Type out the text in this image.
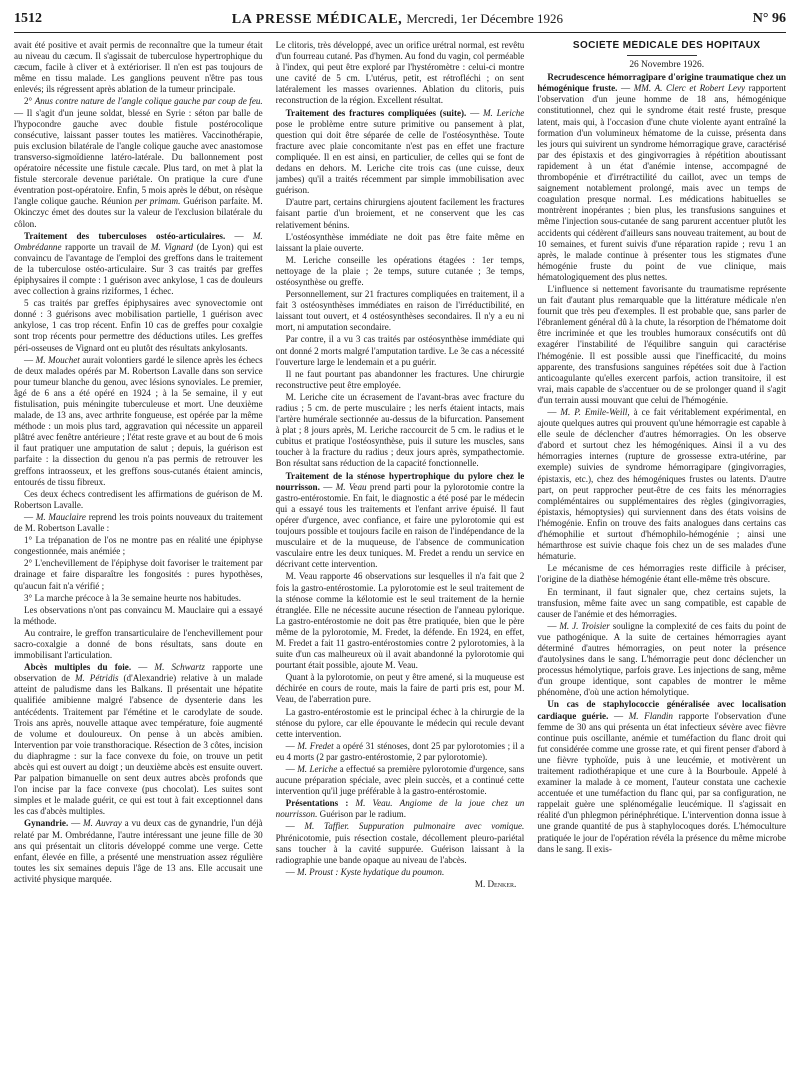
1512	LA PRESSE MÉDICALE, Mercredi, 1er Décembre 1926	N° 96

avait été positive et avait permis de reconnaître que la tumeur était au niveau du cæcum. Il s'agissait de tuberculose hypertrophique du cæcum, facile à cliver et à extérioriser. Il n'en est pas toujours de même en tissu malade. Les ganglions peuvent n'être pas tous enlevés; ils régressent après ablation de la tumeur principale.

2° Anus contre nature de l'angle colique gauche par coup de feu. — Il s'agit d'un jeune soldat, blessé en Syrie : séton par balle de l'hypocondre gauche avec double fistule postérocolique consécutive, laissant passer toutes les matières. Vaccinothérapie, puis exclusion bilatérale de l'angle colique gauche avec anastomose transverso-sigmoïdienne latéro-latérale. Du ballonnement post opératoire nécessite une fistule cæcale. Plus tard, on met à plat la fistule stercorale devenue pariétale. On pratique la cure d'une éventration post-opératoire. Enfin, 5 mois après le début, on résèque l'angle colique gauche. Réunion per primam. Guérison parfaite. M. Okinczyc émet des doutes sur la valeur de l'exclusion bilatérale du côlon.

Traitement des tuberculoses ostéo-articulaires. — M. Ombrédanne rapporte un travail de M. Vignard (de Lyon) qui est convaincu de l'avantage de l'emploi des greffons dans le traitement de la tuberculose ostéo-articulaire. Sur 3 cas traités par greffes épiphysaires il compte : 1 guérison avec ankylose, 1 cas de douleurs avec collection à grains riziformes, 1 échec.

5 cas traités par greffes épiphysaires avec synovectomie ont donné : 3 guérisons avec mobilisation partielle, 1 guérison avec ankylose, 1 cas trop récent. Enfin 10 cas de greffes pour coxalgie sont trop récents pour permettre des déductions utiles. Les greffes péri-osseuses de Vignard ont eu plutôt des résultats ankylosants.

— M. Mouchet aurait volontiers gardé le silence après les échecs de deux malades opérés par M. Robertson Lavalle dans son service pour tumeur blanche du genou, avec lésions synoviales. Le premier, âgé de 6 ans a été opéré en 1924 ; à la 5e semaine, il y eut fistulisation, puis méningite tuberculeuse et mort. Une deuxième malade, de 13 ans, avec arthrite fongueuse, est opérée par la même méthode : un mois plus tard, aggravation qui nécessite un appareil plâtré avec fenêtre antérieure ; l'état reste grave et au bout de 6 mois il faut pratiquer une amputation de salut ; depuis, la guérison est parfaite : la dissection du genou n'a pas permis de retrouver les greffons intraosseux, et les greffons sous-cutanés étaient amincis, entourés de tissu fibreux.

Ces deux échecs contredisent les affirmations de guérison de M. Robertson Lavalle.

— M. Mauclaire reprend les trois points nouveaux du traitement de M. Robertson Lavalle :

1° La trépanation de l'os ne montre pas en réalité une épiphyse congestionnée, mais anémiée ;

2° L'enchevillement de l'épiphyse doit favoriser le traitement par drainage et faire disparaître les fongosités : pures hypothèses, qu'aucun fait n'a vérifié ;

3° La marche précoce à la 3e semaine heurte nos habitudes.

Les observations n'ont pas convaincu M. Mauclaire qui a essayé la méthode.

Au contraire, le greffon transarticulaire de l'enchevillement pour sacro-coxalgie a donné de bons résultats, sans doute en immobilisant l'articulation.

Abcès multiples du foie. — M. Schwartz rapporte une observation de M. Pétridis (d'Alexandrie) relative à un malade atteint de paludisme dans les Balkans. Il présentait une hépatite qualifiée amibienne malgré l'absence de dysenterie dans les antécédents. Traitement par l'émétine et le carodylate de soude. Trois ans après, nouvelle attaque avec température, foie augmenté de volume et douloureux. On pense à un abcès amibien. Intervention par voie transthoracique. Résection de 3 côtes, incision du diaphragme : sur la face convexe du foie, on trouve un petit abcès qui est ouvert au doigt ; un deuxième abcès est ensuite ouvert. Par palpation bimanuelle on sent deux autres abcès profonds que l'on incise par la face convexe (pus chocolat). Les suites sont simples et le malade guérit, ce qui est tout à fait exceptionnel dans les cas d'abcès multiples.

Gynandrie. — M. Auvray a vu deux cas de gynandrie, l'un déjà relaté par M. Ombrédanne, l'autre intéressant une jeune fille de 30 ans qui présentait un clitoris développé comme une verge. Cette enfant, élevée en fille, a présenté une menstruation assez régulière toutes les six semaines depuis l'âge de 13 ans. Elle accusait une activité physique marquée.

Le clitoris, très développé, avec un orifice urétral normal, est revêtu d'un fourreau cutané. Pas d'hymen. Au fond du vagin, col perméable à l'index, qui peut être exploré par l'hystéromètre : celui-ci montre une cavité de 5 cm. L'utérus, petit, est rétrofléchi ; on sent latéralement les masses ovariennes. Ablation du clitoris, puis reconstruction de la région. Excellent résultat.

Traitement des fractures compliquées (suite). — M. Leriche pose le problème entre suture primitive ou pansement à plat, question qui doit être séparée de celle de l'ostéosynthèse. Toute fracture avec plaie concomitante n'est pas en effet une fracture compliquée. Il en est ainsi, en particulier, de celles qui se font de dedans en dehors. M. Leriche cite trois cas (une cuisse, deux jambes) qu'il a traités récemment par simple immobilisation avec guérison.

D'autre part, certains chirurgiens ajoutent facilement les fractures faisant partie d'un broiement, et ne conservent que les cas relativement bénins.

L'ostéosynthèse immédiate ne doit pas être faite même en laissant la plaie ouverte.

M. Leriche conseille les opérations étagées : 1er temps, nettoyage de la plaie ; 2e temps, suture cutanée ; 3e temps, ostéosynthèse ou greffe.

Personnellement, sur 21 fractures compliquées en traitement, il a fait 3 ostéosynthèses immédiates en raison de l'irréductibilité, en laissant tout ouvert, et 4 ostéosynthèses secondaires. Il n'y a eu ni mort, ni amputation secondaire.

Par contre, il a vu 3 cas traités par ostéosynthèse immédiate qui ont donné 2 morts malgré l'amputation tardive. Le 3e cas a nécessité l'ouverture large le lendemain et a pu guérir.

Il ne faut pourtant pas abandonner les fractures. Une chirurgie reconstructive peut être employée.

M. Leriche cite un écrasement de l'avant-bras avec fracture du radius ; 5 cm. de perte musculaire ; les nerfs étaient intacts, mais l'artère humérale sectionnée au-dessus de la bifurcation. Pansement à plat ; 8 jours après, M. Leriche raccourcit de 5 cm. le radius et le cubitus et pratique l'ostéosynthèse, puis il suture les muscles, sans toucher à la fracture du radius ; deux jours après, sympathectomie. Bon résultat sans réduction de la capacité fonctionnelle.

Traitement de la sténose hypertrophique du pylore chez le nourrisson. — M. Veau prend parti pour la pylorotomie contre la gastro-entérostomie. En fait, le diagnostic a été posé par le médecin qui a essayé tous les traitements et l'enfant arrive épuisé. Il faut opérer d'urgence, avec confiance, et faire une pylorotomie qui est toujours possible et toujours facile en raison de l'indépendance de la musculaire et de la muqueuse, de l'absence de communication vasculaire entre les deux tuniques. M. Fredet a rendu un service en décrivant cette intervention.

M. Veau rapporte 46 observations sur lesquelles il n'a fait que 2 fois la gastro-entérostomie. La pylorotomie est le seul traitement de la sténose comme la kélotomie est le seul traitement de la hernie étranglée. Elle ne nécessite aucune résection de l'anneau pylorique. La gastro-entérostomie ne doit pas être pratiquée, bien que le père même de la pylorotomie, M. Fredet, la défende. En 1924, en effet, M. Fredet a fait 11 gastro-entérostomies contre 2 pylorotomies, à la suite d'un cas malheureux où il avait abandonné la pylorotomie qui pourtant était possible, ajoute M. Veau.

Quant à la pylorotomie, on peut y être amené, si la muqueuse est déchirée en cours de route, mais la faire de parti pris est, pour M. Veau, de l'aberration pure.

La gastro-entérostomie est le principal échec à la chirurgie de la sténose du pylore, car elle épouvante le médecin qui recule devant cette intervention.

— M. Fredet a opéré 31 sténoses, dont 25 par pylorotomies ; il a eu 4 morts (2 par gastro-entérostomie, 2 par pylorotomie).

— M. Leriche a effectué sa première pylorotomie d'urgence, sans aucune préparation spéciale, avec plein succès, et a continué cette intervention qu'il juge préférable à la gastro-entérostomie.

Présentations : M. Veau. Angiome de la joue chez un nourrisson. Guérison par le radium.

— M. Taffier. Suppuration pulmonaire avec vomique. Phrénicotomie, puis résection costale, décollement pleuro-pariétal sans toucher à la cavité suppurée. Guérison laissant à la radiographie une bande opaque au niveau de l'abcès.

— M. Proust : Kyste hydatique du poumon.

M. Denker.

SOCIÉTÉ MÉDICALE DES HOPITAUX

26 Novembre 1926.

Recrudescence hémorragipare d'origine traumatique chez un hémogénique fruste. — MM. A. Clerc et Robert Levy rapportent l'observation d'un jeune homme de 18 ans, hémogénique constitutionnel, chez qui le syndrome était resté fruste, presque latent, mais qui, à l'occasion d'une chute violente ayant entraîné la formation d'un volumineux hématome de la cuisse, présenta dans les jours qui suivirent un syndrome hémorragique grave, caractérisé par des épistaxis et des gingivorragies à répétition aboutissant rapidement à un état d'anémie intense, accompagné de thrombopénie et d'irrétractilité du caillot, avec un temps de saignement notablement prolongé, mais avec un temps de coagulation presque normal. Les médications habituelles se montrèrent inopérantes ; bien plus, les transfusions sanguines et même l'injection sous-cutanée de sang parurent accentuer plutôt les accidents qui cédèrent d'ailleurs sans nouveau traitement, au bout de 10 semaines, et furent suivis d'une réparation rapide ; revu 1 an après, le malade continue à présenter tous les stigmates d'une hémogénie fruste du point de vue clinique, mais hématologiquement des plus nettes.

L'influence si nettement favorisante du traumatisme représente un fait d'autant plus remarquable que la littérature médicale n'en fournit que très peu d'exemples. Il est probable que, sans parler de l'ébranlement général dû à la chute, la résorption de l'hématome doit être incriminée et que les troubles humoraux consécutifs ont dû exagérer l'instabilité de l'équilibre sanguin qui caractérise l'hémogénie. Il est possible aussi que l'inefficacité, du moins apparente, des transfusions sanguines répétées soit due à l'action anticoagulante qu'elles exercent parfois, action transitoire, il est vrai, mais capable de s'accentuer ou de se prolonger quand il s'agit d'un terrain aussi mouvant que celui de l'hémogénie.

— M. P. Emile-Weill, à ce fait véritablement expérimental, en ajoute quelques autres qui prouvent qu'une hémorragie est capable à elle seule de déclencher d'autres hémorragies. On les observe d'abord et surtout chez les hémogéniques. Ainsi il a vu des hémorragies internes (rupture de grossesse extra-utérine, par exemple) suivies de syndrome hémorragipare (gingivorragies, épistaxis, etc.), chez des hémogéniques frustes ou latents. D'autre part, on peut rapprocher peut-être de ces faits les ménorragies compléméntaires ou supplémentaires des règles (gingivorragies, épistaxis, hémoptysies) qui surviennent dans des états voisins de l'hémogénie. Enfin on trouve des faits analogues dans certains cas d'hémophilie et surtout d'hémophilo-hémogénie ; ainsi une hémarthrose est suivie chaque fois chez un de ses malades d'une hématurie.

Le mécanisme de ces hémorragies reste difficile à préciser, l'origine de la diathèse hémogénie étant elle-même très obscure.

En terminant, il faut signaler que, chez certains sujets, la transfusion, même faite avec un sang compatible, est capable de causer de l'anémie et des hémorragies.

— M. J. Troisier souligne la complexité de ces faits du point de vue pathogénique. A la suite de certaines hémorragies ayant déterminé d'autres hémorragies, on peut noter la présence d'autolysines dans le sang. L'hémorragie peut donc déclencher un processus hémolytique, parfois grave. Les injections de sang, même d'un groupe identique, sont capables de montrer le même phénomène, d'où une action hémolytique.

Un cas de staphylococcie généralisée avec localisation cardiaque guérie. — M. Flandin rapporte l'observation d'une femme de 30 ans qui présenta un état infectieux sévère avec fièvre continue puis oscillante, anémie et tuméfaction du flanc droit qui fut considérée comme une grosse rate, et qui firent penser d'abord à une fièvre typhoïde, puis à une leucémie, et motivèrent un traitement radiothérapique et une cure à la Bourboule. Appelé à examiner la malade à ce moment, l'auteur constata une cachexie accentuée et une tuméfaction du flanc qui, par sa configuration, ne rappelait guère une splénomégalie leucémique. Il s'agissait en réalité d'un phlegmon périnéphrétique. L'intervention donna issue à une grande quantité de pus à staphylocoques dorés. L'hémoculture pratiquée le jour de l'opération révéla la présence du même microbe dans le sang. Il exis-
